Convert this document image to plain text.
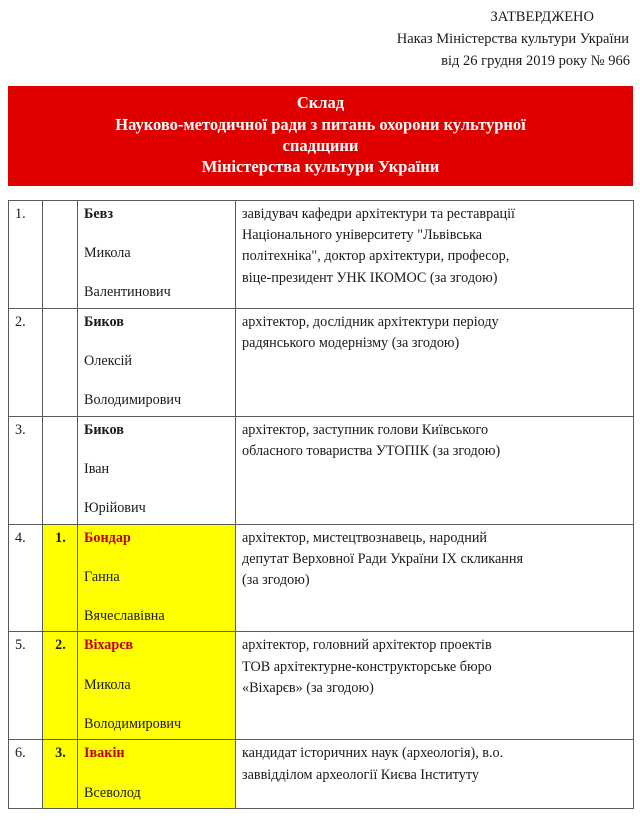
ЗАТВЕРДЖЕНО
Наказ Міністерства культури України
від 26 грудня 2019 року № 966
Склад
Науково-методичної ради з питань охорони культурної
спадщини
Міністерства культури України
1.		Бевз
Микола
Валентинович	завідувач кафедри архітектури та реставрації
Національного університету "Львівська
політехніка", доктор архітектури, професор,
віце-президент УНК ІКОМОС (за згодою)

2.		Биков
Олексій
Володимирович	архітектор, дослідник архітектури періоду
радянського модернізму (за згодою)

3.		Биков
Іван
Юрійович	архітектор, заступник голови Київського
обласного товариства УТОПІК (за згодою)

4.	1.	Бондар
Ганна
Вячеславівна	архітектор, мистецтвознавець, народний
депутат Верховної Ради України IX скликання
(за згодою)

5.	2.	Віхарєв
Микола
Володимирович	архітектор, головний архітектор проектів
ТОВ архітектурне-конструкторське бюро
«Віхарєв» (за згодою)

6.	3.	Івакін
Всеволод	кандидат історичних наук (археологія), в.о.
заввідділом археології Києва Інституту
